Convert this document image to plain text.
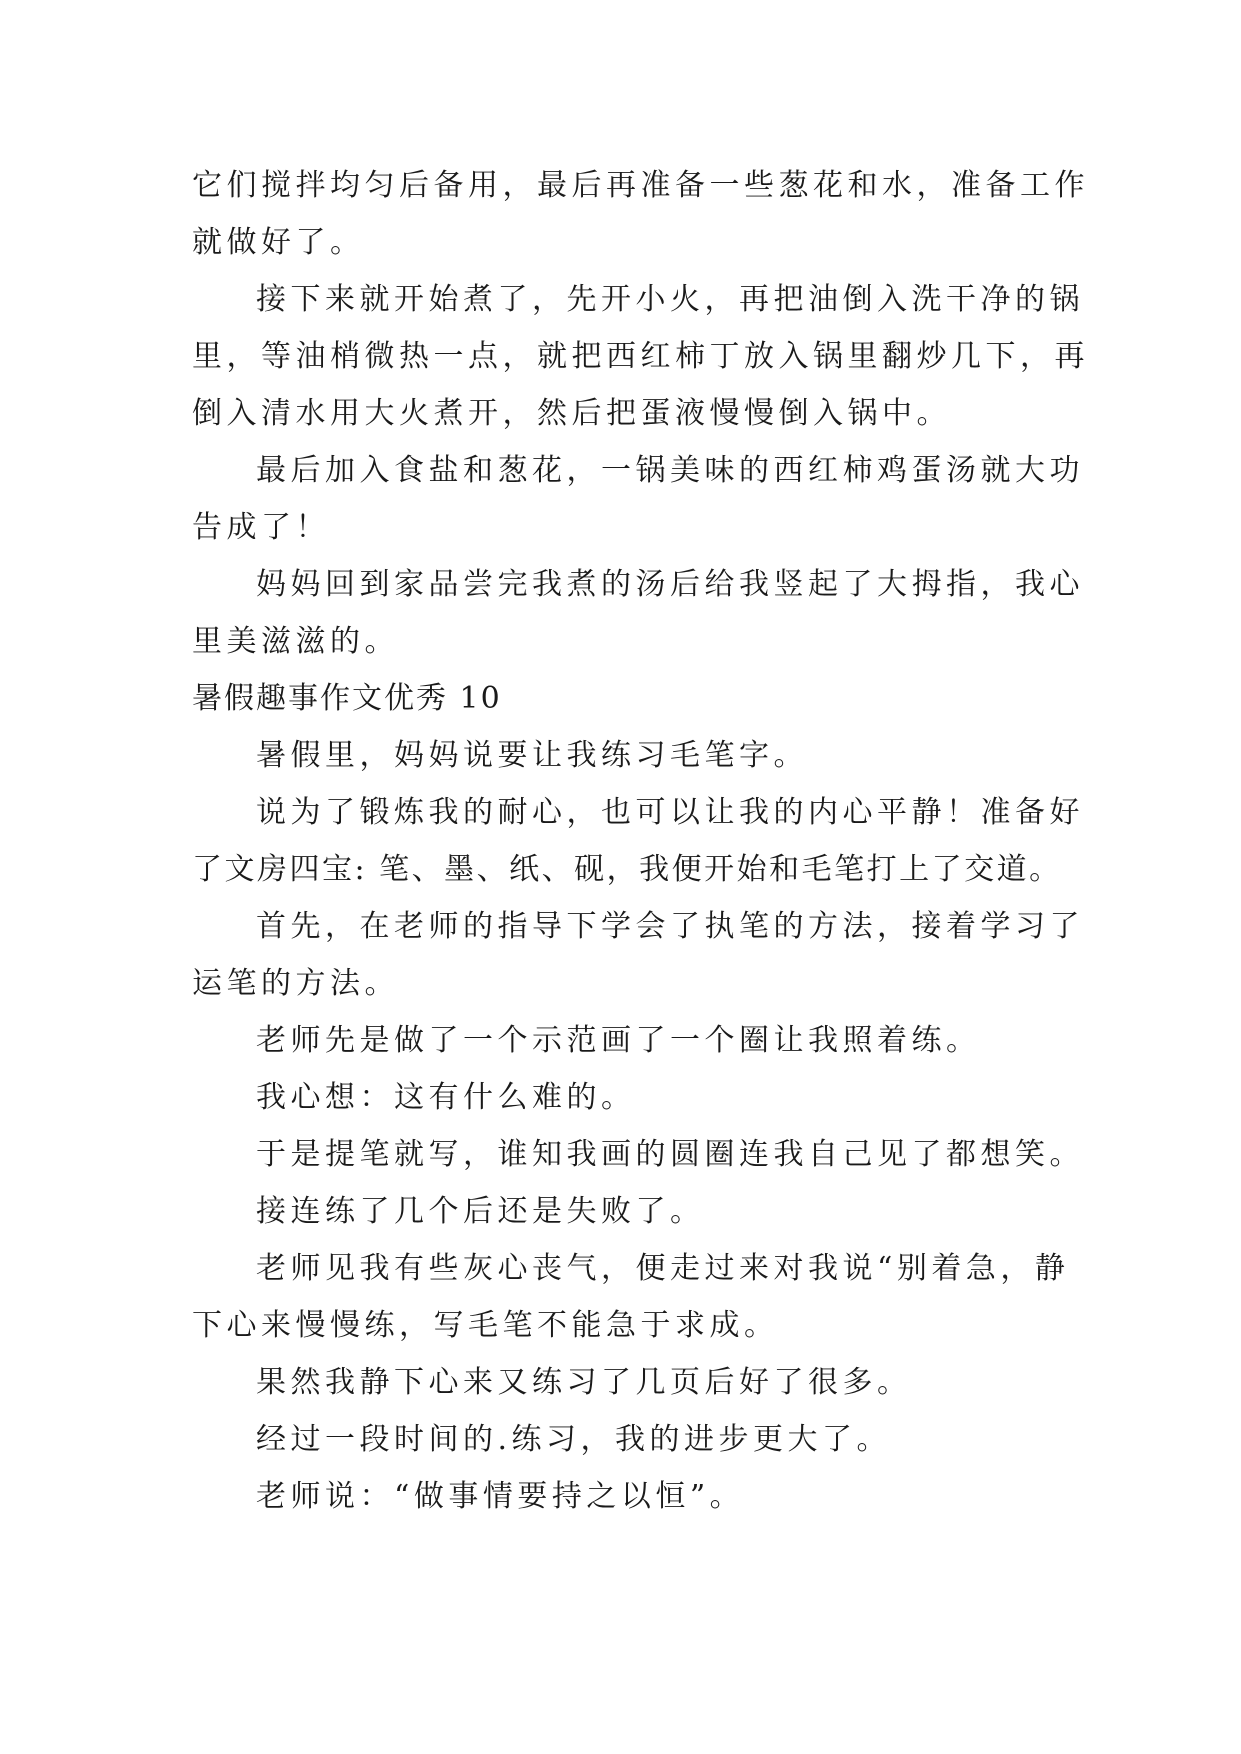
它们搅拌均匀后备用，最后再准备一些葱花和水，准备工作
就做好了。
接下来就开始煮了，先开小火，再把油倒入洗干净的锅
里，等油梢微热一点，就把西红柿丁放入锅里翻炒几下，再
倒入清水用大火煮开，然后把蛋液慢慢倒入锅中。
最后加入食盐和葱花，一锅美味的西红柿鸡蛋汤就大功
告成了！
妈妈回到家品尝完我煮的汤后给我竖起了大拇指，我心
里美滋滋的。
暑假趣事作文优秀 10
暑假里，妈妈说要让我练习毛笔字。
说为了锻炼我的耐心，也可以让我的内心平静！准备好
了文房四宝: 笔、墨、纸、砚，我便开始和毛笔打上了交道。
首先，在老师的指导下学会了执笔的方法，接着学习了
运笔的方法。
老师先是做了一个示范画了一个圈让我照着练。
我心想：这有什么难的。
于是提笔就写，谁知我画的圆圈连我自己见了都想笑。
接连练了几个后还是失败了。
老师见我有些灰心丧气，便走过来对我说“别着急，静
下心来慢慢练，写毛笔不能急于求成。
果然我静下心来又练习了几页后好了很多。
经过一段时间的.练习，我的进步更大了。
老师说：“做事情要持之以恒”。
